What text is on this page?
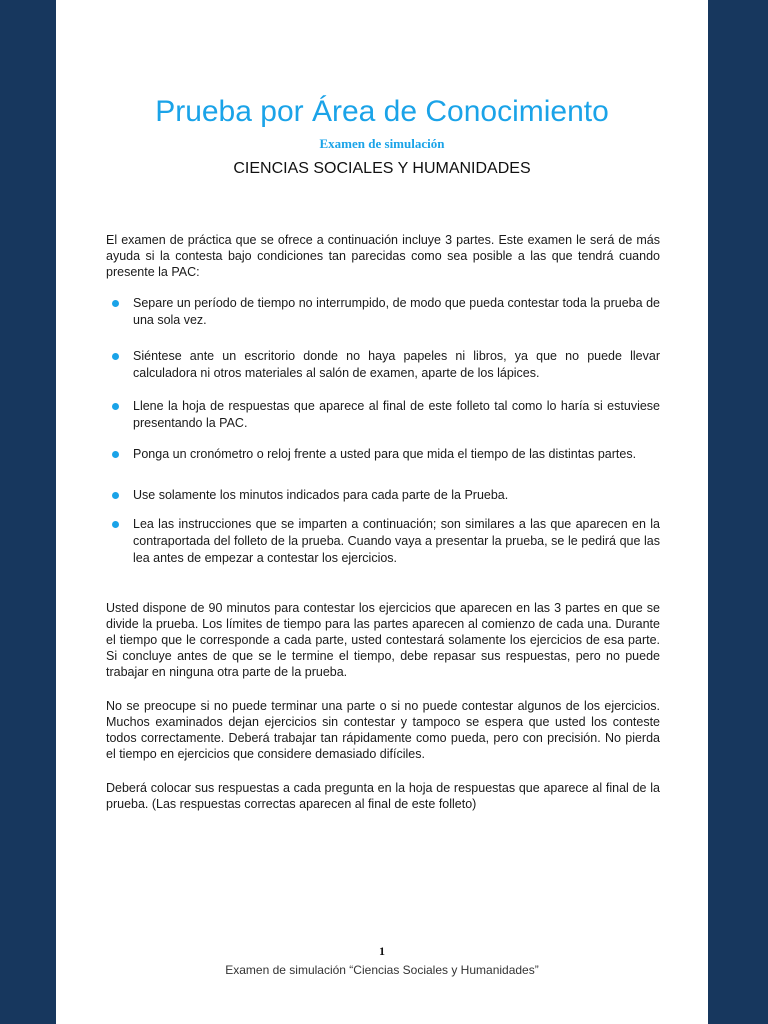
Prueba por Área de Conocimiento
Examen de simulación
CIENCIAS SOCIALES Y HUMANIDADES

El examen de práctica que se ofrece a continuación incluye 3 partes. Este examen le será de más ayuda si la contesta bajo condiciones tan parecidas como sea posible a las que tendrá cuando presente la PAC:

Separe un período de tiempo no interrumpido, de modo que pueda contestar toda la prueba de una sola vez.
Siéntese ante un escritorio donde no haya papeles ni libros, ya que no puede llevar calculadora ni otros materiales al salón de examen, aparte de los lápices.
Llene la hoja de respuestas que aparece al final de este folleto tal como lo haría si estuviese presentando la PAC.
Ponga un cronómetro o reloj frente a usted para que mida el tiempo de las distintas partes.
Use solamente los minutos indicados para cada parte de la Prueba.
Lea las instrucciones que se imparten a continuación; son similares a las que aparecen en la contraportada del folleto de la prueba. Cuando vaya a presentar la prueba, se le pedirá que las lea antes de empezar a contestar los ejercicios.

Usted dispone de 90 minutos para contestar los ejercicios que aparecen en las 3 partes en que se divide la prueba. Los límites de tiempo para las partes aparecen al comienzo de cada una. Durante el tiempo que le corresponde a cada parte, usted contestará solamente los ejercicios de esa parte. Si concluye antes de que se le termine el tiempo, debe repasar sus respuestas, pero no puede trabajar en ninguna otra parte de la prueba.

No se preocupe si no puede terminar una parte o si no puede contestar algunos de los ejercicios. Muchos examinados dejan ejercicios sin contestar y tampoco se espera que usted los conteste todos correctamente. Deberá trabajar tan rápidamente como pueda, pero con precisión. No pierda el tiempo en ejercicios que considere demasiado difíciles.

Deberá colocar sus respuestas a cada pregunta en la hoja de respuestas que aparece al final de la prueba. (Las respuestas correctas aparecen al final de este folleto)

1
Examen de simulación “Ciencias Sociales y Humanidades”
